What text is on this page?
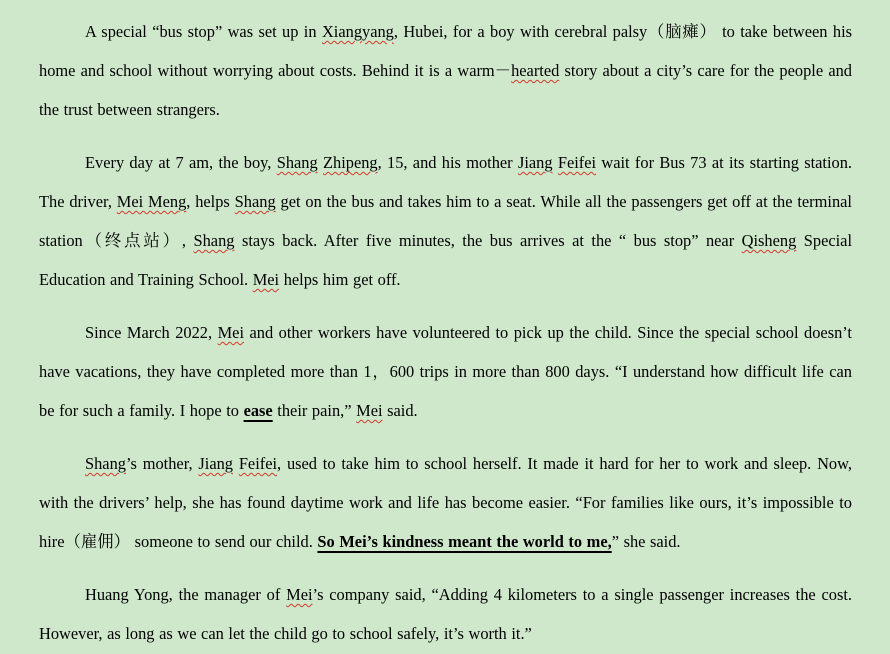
A special “bus stop” was set up in Xiangyang, Hubei, for a boy with cerebral palsy（脑瘫） to take between his home and school without worrying about costs. Behind it is a warm－hearted story about a city’s care for the people and the trust between strangers.

Every day at 7 am, the boy, Shang Zhipeng, 15, and his mother Jiang Feifei wait for Bus 73 at its starting station. The driver, Mei Meng, helps Shang get on the bus and takes him to a seat. While all the passengers get off at the terminal station（终点站）, Shang stays back. After five minutes, the bus arrives at the “ bus stop” near Qisheng Special Education and Training School. Mei helps him get off.

Since March 2022, Mei and other workers have volunteered to pick up the child. Since the special school doesn’t have vacations, they have completed more than 1，600 trips in more than 800 days. “I understand how difficult life can be for such a family. I hope to ease their pain,” Mei said.

Shang’s mother, Jiang Feifei, used to take him to school herself. It made it hard for her to work and sleep. Now, with the drivers’ help, she has found daytime work and life has become easier. “For families like ours, it’s impossible to hire（雇佣） someone to send our child. So Mei’s kindness meant the world to me,” she said.

Huang Yong, the manager of Mei’s company said, “Adding 4 kilometers to a single passenger increases the cost. However, as long as we can let the child go to school safely, it’s worth it.”
